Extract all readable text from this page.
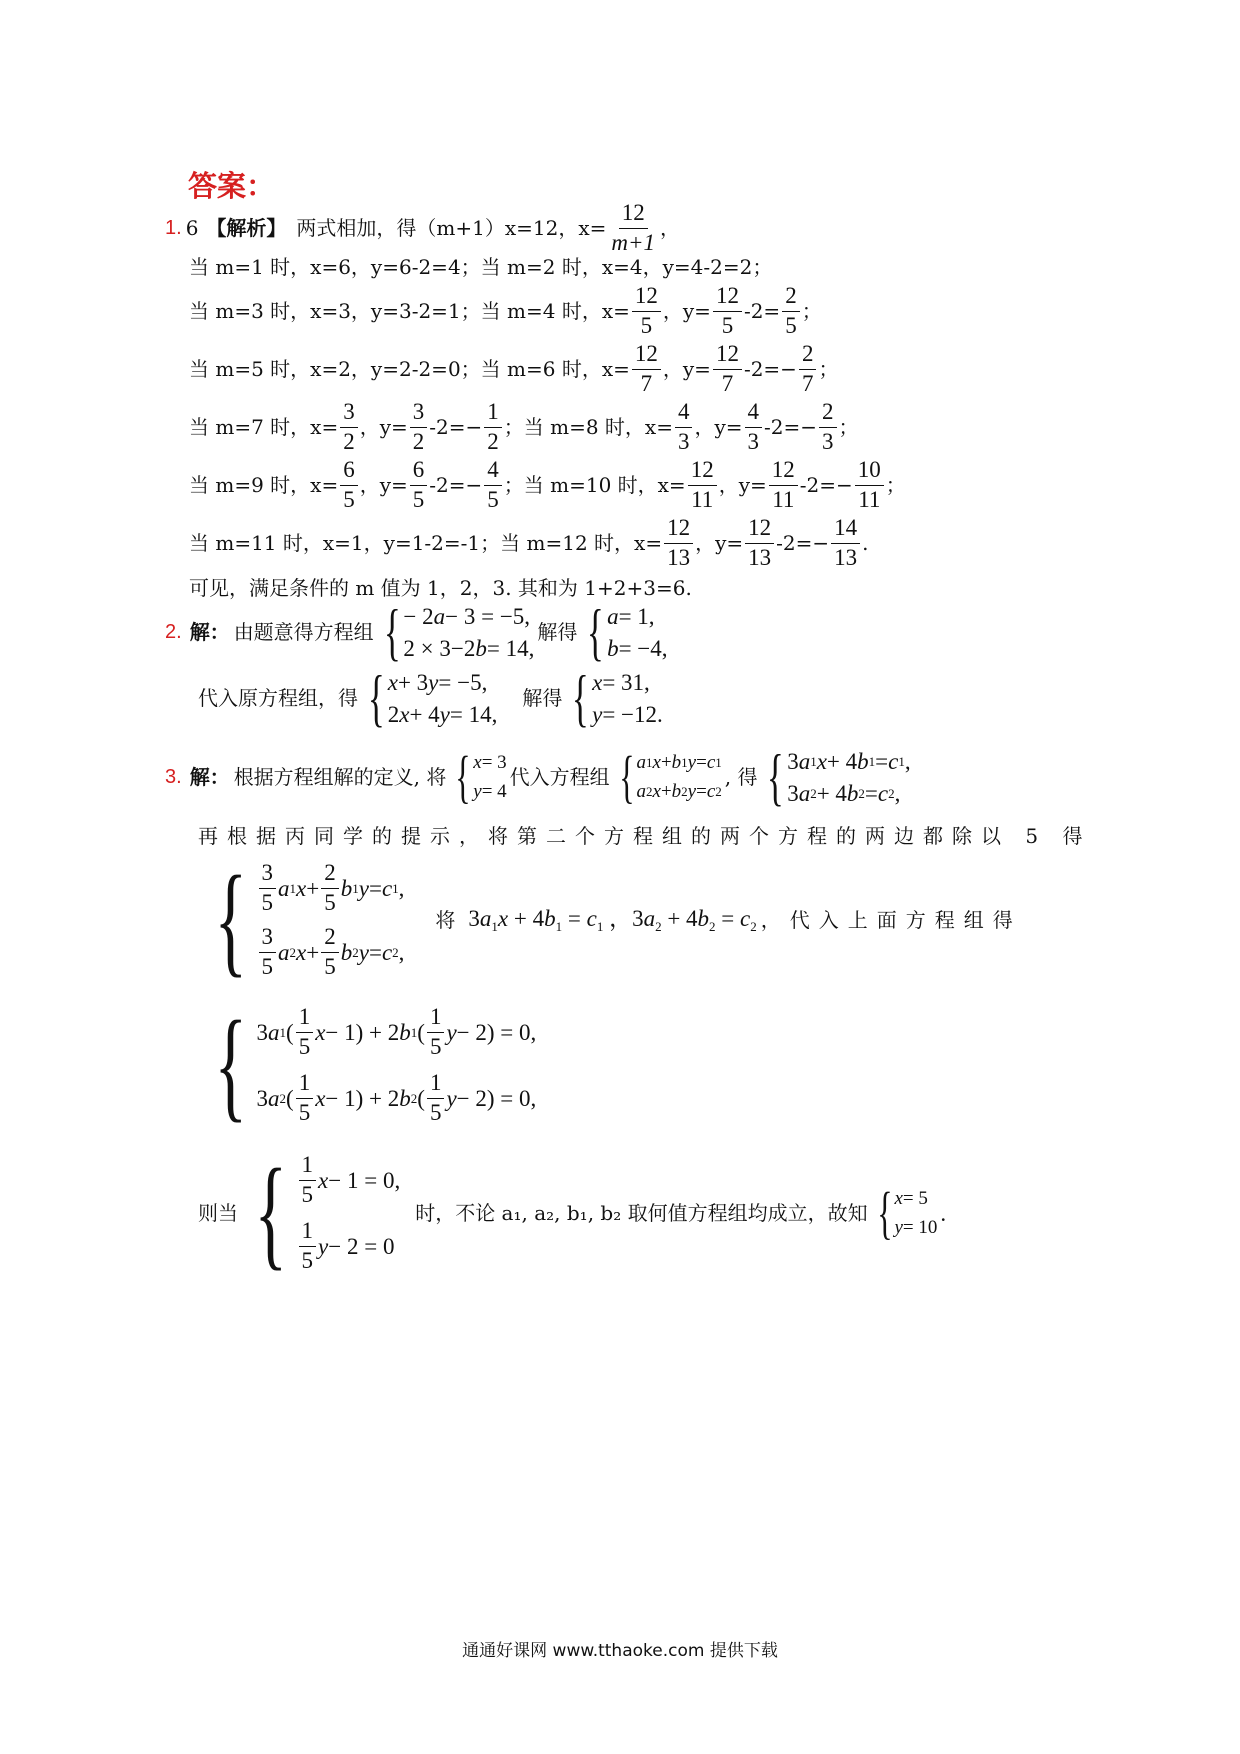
答案：
1. 6 【解析】 两式相加，得（m+1）x=12，$x= \frac{12}{m+1}$ ，
当 m=1 时，x=6，y=6-2=4；当 m=2 时，x=4，y=4-2=2；
当 m=3 时，x=3，y=3-2=1；当 m=4 时，$x= \frac{12}{5}$ ，$y= \frac{12}{5} -2= \frac{2}{5}$ ；
当 m=5 时，x=2，y=2-2=0；当 m=6 时，$x= \frac{12}{7}$ ，$y= \frac{12}{7} -2=- \frac{2}{7}$ ；
当 m=7 时，$x= \frac{3}{2}$ ，$y= \frac{3}{2} -2=- \frac{1}{2}$ ；当 m=8 时，$x= \frac{4}{3}$ ，$y= \frac{4}{3} -2=- \frac{2}{3}$ ；
当 m=9 时，$x= \frac{6}{5}$ ，$y= \frac{6}{5} -2=- \frac{4}{5}$ ；当 m=10 时，$x= \frac{12}{11}$ ，$y= \frac{12}{11} -2=- \frac{10}{11}$ ；
当 m=11 时，x=1，y=1-2=-1；当 m=12 时，$x= \frac{12}{13}$ ，$y= \frac{12}{13} -2=- \frac{14}{13}$ .
可见，满足条件的 m 值为 1，2，3. 其和为 1+2+3=6.
2. 解： 由题意得方程组 { − 2 a − 3 = −5,
2 × 3−2 b = 14,
解得 { a = 1,
b = −4,
代入原方程组，得 { x + 3 y = −5,
2 x + 4 y = 14,
解得 { x = 31,
y = −12.
3. 解： 根据方程组解的定义, 将 { x = 3
y = 4
代入方程组 { a 1 x + b 1 y = c 1
a 2 x + b 2 y = c 2
, 得 { 3 a 1 x + 4 b 1 = c 1 ,
3 a 2 + 4 b 2 = c 2 ,
再根据丙同学的提示，将第二个方程组的两个方程的两边都除以 5 得
{ $\frac{3}{5}$ a 1 $x + \frac{2}{5}$ b 1 y = c 1 ,
$\frac{3}{5}$ a 2 $x + \frac{2}{5}$ b 2 y = c 2 ,
将 $3a_1x + 4b_1 = c_1$ ，$3a_2 + 4b_2 = c_2$ ，代入上面方程组得
{ 3 a 1 ( $\frac{1}{5}$ x − 1) + 2 b 1 ( $\frac{1}{5}$ y − 2) = 0,
3 a 2 ( $\frac{1}{5}$ x − 1) + 2 b 2 ( $\frac{1}{5}$ y − 2) = 0,
则当 { $\frac{1}{5}$ x − 1 = 0,
$\frac{1}{5}$ y − 2 = 0
时，不论 a₁, a₂, b₁, b₂ 取何值方程组均成立，故知 { x = 5
y = 10
.
通通好课网 www.tthaoke.com 提供下载
